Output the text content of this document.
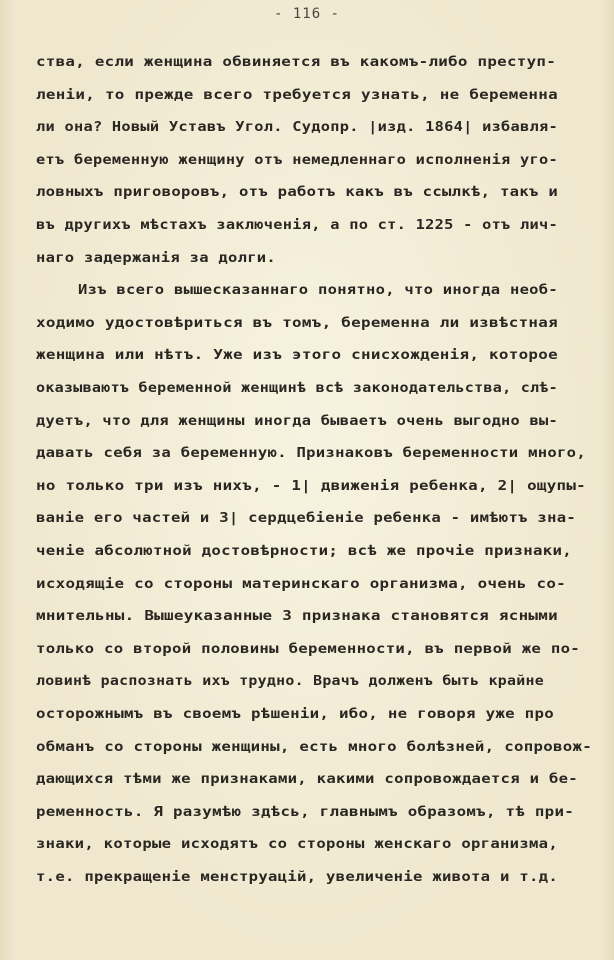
- 116 -
ства, если женщина обвиняется въ какомъ-либо преступ-
леніи, то прежде всего требуется узнать, не беременна
ли она? Новый Уставъ Угол. Судопр. |изд. 1864| избавля-
етъ беременную женщину отъ немедленнаго исполненія уго-
ловныхъ приговоровъ, отъ работъ какъ въ ссылкѣ, такъ и
въ другихъ мѣстахъ заключенія, а по ст. 1225 - отъ лич-
наго задержанія за долги.
Изъ всего вышесказаннаго понятно, что иногда необ-
ходимо удостовѣриться въ томъ, беременна ли извѣстная
женщина или нѣтъ. Уже изъ этого снисхожденія, которое
оказываютъ беременной женщинѣ всѣ законодательства, слѣ-
дуетъ, что для женщины иногда бываетъ очень выгодно вы-
давать себя за беременную. Признаковъ беременности много,
но только три изъ нихъ, - 1| движенія ребенка, 2| ощупы-
ваніе его частей и 3| сердцебіеніе ребенка - имѣютъ зна-
ченіе абсолютной достовѣрности; всѣ же прочіе признаки,
исходящіе со стороны материнскаго организма, очень со-
мнительны. Вышеуказанные 3 признака становятся ясными
только со второй половины беременности, въ первой же по-
ловинѣ распознать ихъ трудно. Врачъ долженъ быть крайне
осторожнымъ въ своемъ рѣшеніи, ибо, не говоря уже про
обманъ со стороны женщины, есть много болѣзней, сопровож-
дающихся тѣми же признаками, какими сопровождается и бе-
ременность. Я разумѣю здѣсь, главнымъ образомъ, тѣ при-
знаки, которые исходятъ со стороны женскаго организма,
т.е. прекращеніе менструацій, увеличеніе живота и т.д.
